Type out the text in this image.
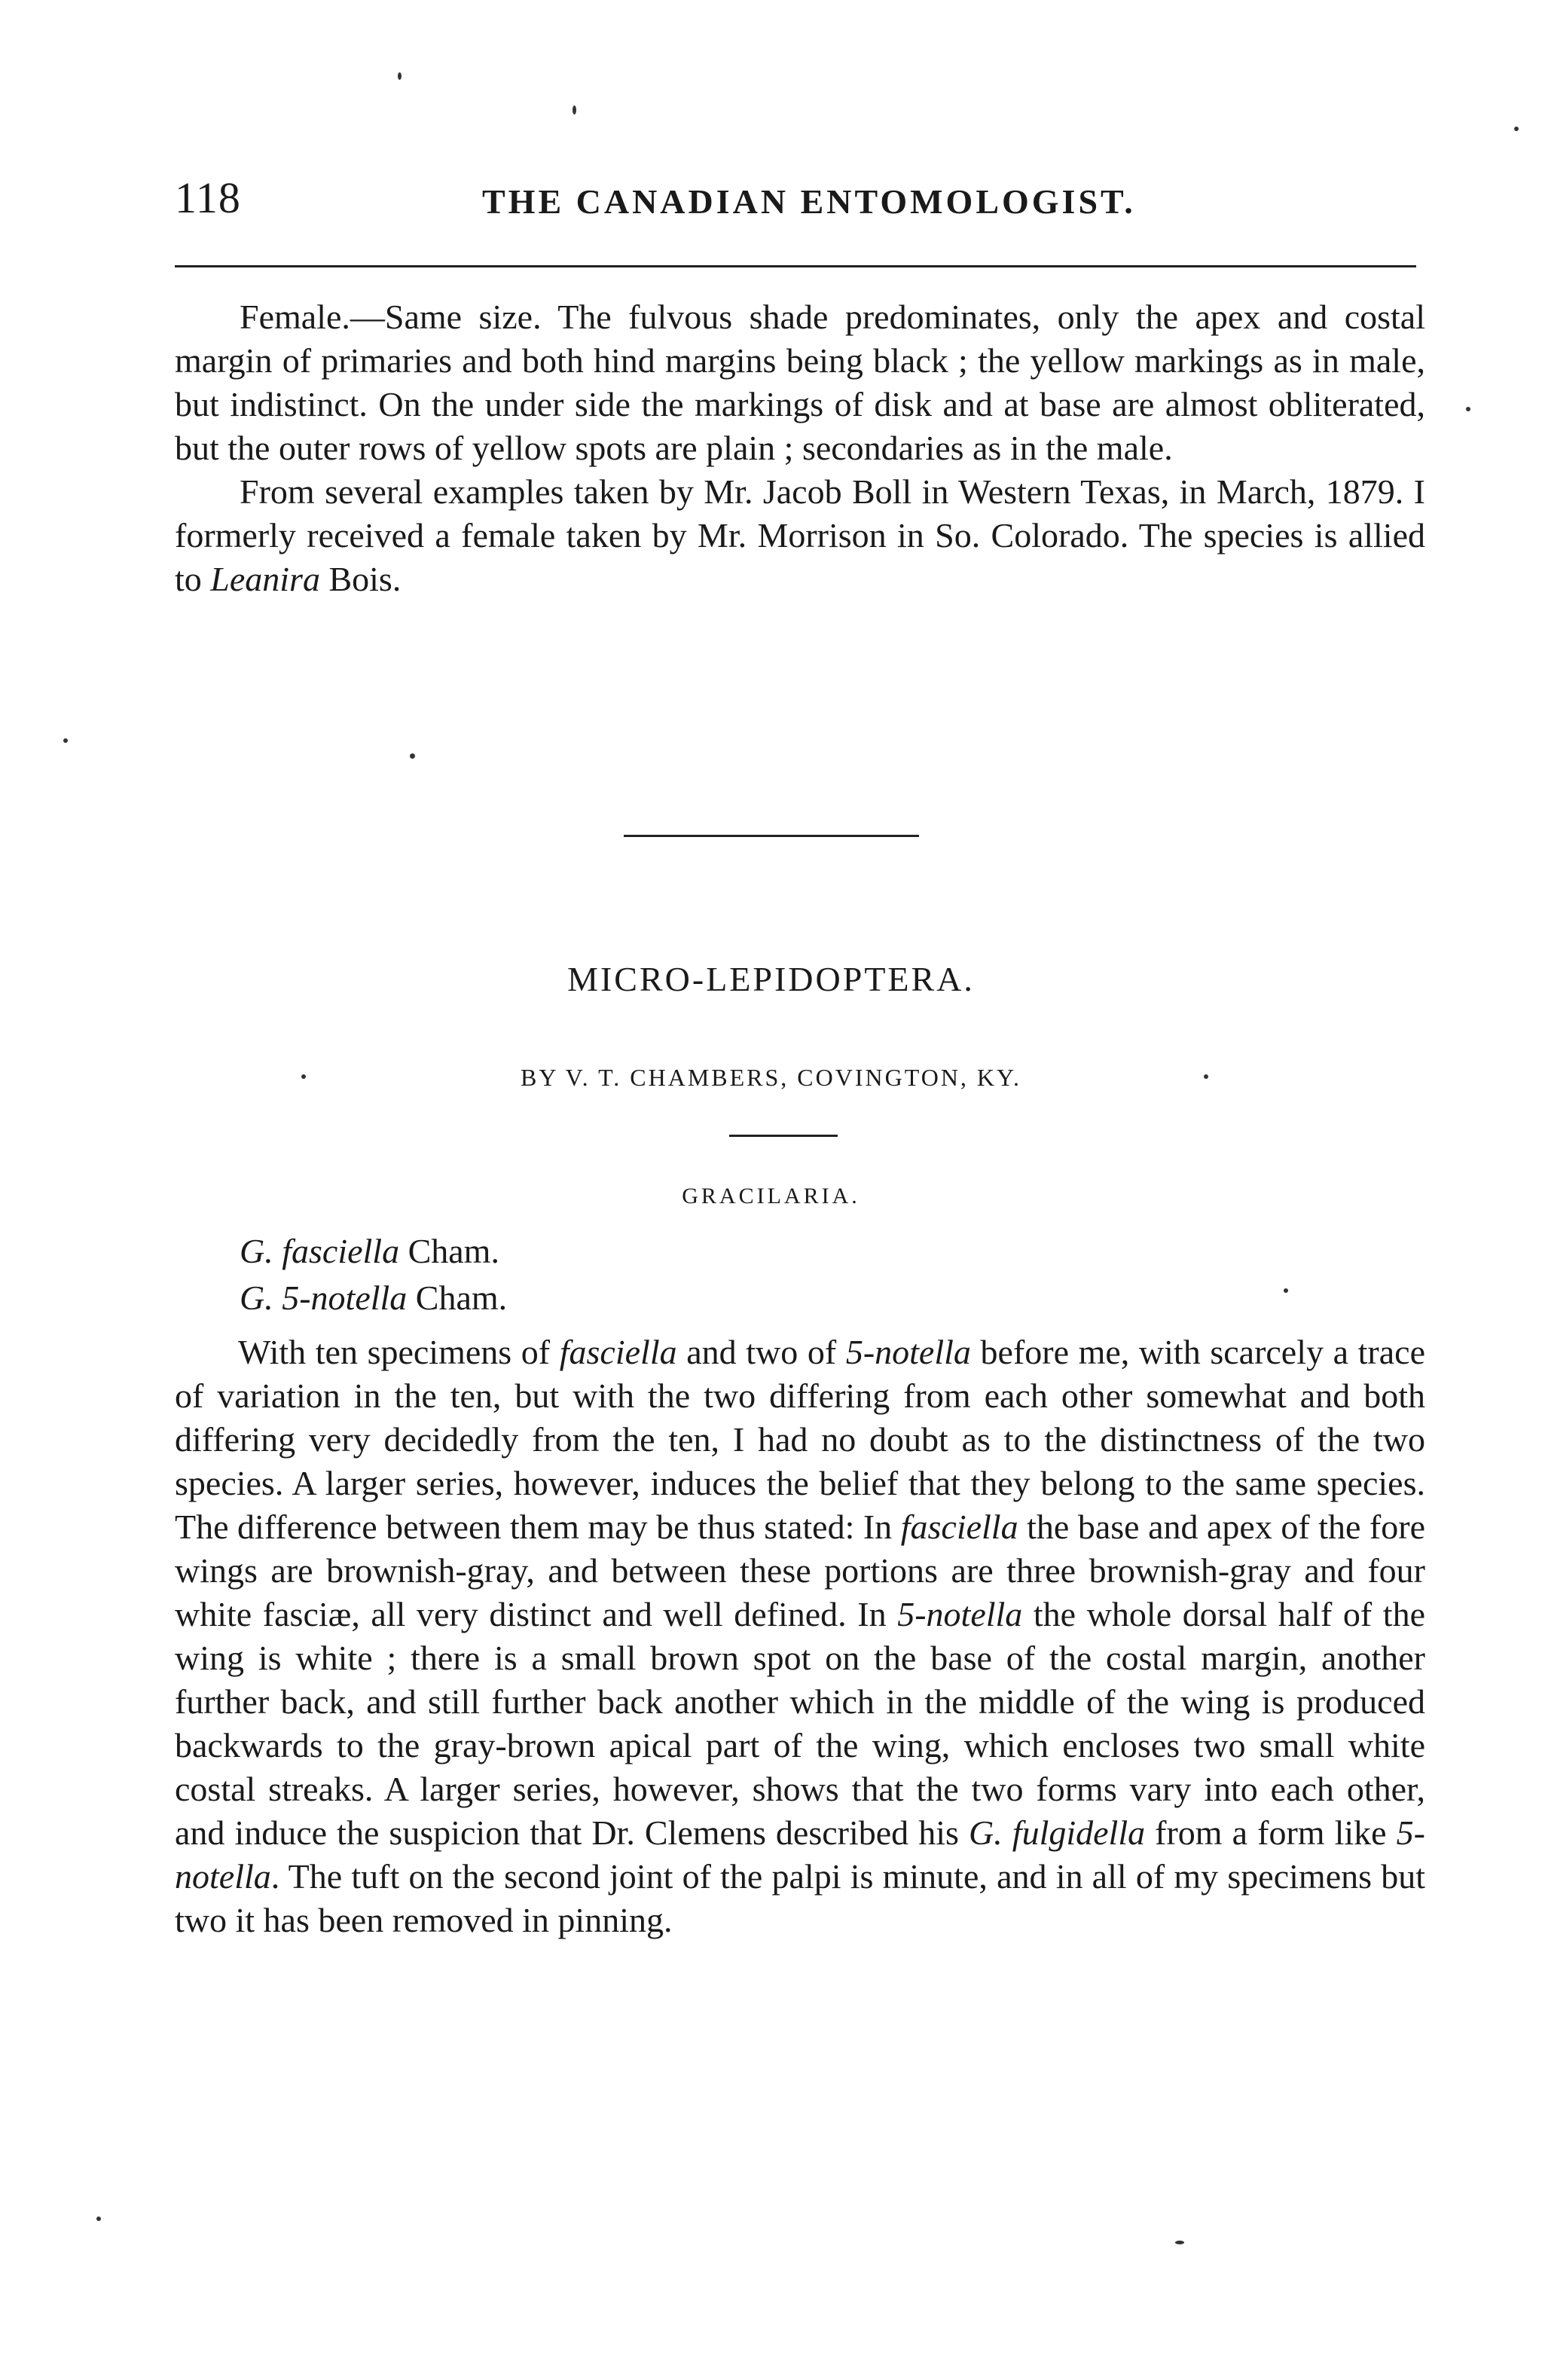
118	THE CANADIAN ENTOMOLOGIST.

Female.—Same size. The fulvous shade predominates, only the apex and costal margin of primaries and both hind margins being black ; the yellow markings as in male, but indistinct. On the under side the markings of disk and at base are almost obliterated, but the outer rows of yellow spots are plain ; secondaries as in the male.

From several examples taken by Mr. Jacob Boll in Western Texas, in March, 1879. I formerly received a female taken by Mr. Morrison in So. Colorado. The species is allied to Leanira Bois.

MICRO-LEPIDOPTERA.
BY V. T. CHAMBERS, COVINGTON, KY.
GRACILARIA.
G. fasciella Cham.
G. 5-notella Cham.

With ten specimens of fasciella and two of 5-notella before me, with scarcely a trace of variation in the ten, but with the two differing from each other somewhat and both differing very decidedly from the ten, I had no doubt as to the distinctness of the two species. A larger series, however, induces the belief that they belong to the same species. The difference between them may be thus stated: In fasciella the base and apex of the fore wings are brownish-gray, and between these portions are three brownish-gray and four white fasciæ, all very distinct and well defined. In 5-notella the whole dorsal half of the wing is white ; there is a small brown spot on the base of the costal margin, another further back, and still further back another which in the middle of the wing is produced backwards to the gray-brown apical part of the wing, which encloses two small white costal streaks. A larger series, however, shows that the two forms vary into each other, and induce the suspicion that Dr. Clemens described his G. fulgidella from a form like 5-notella. The tuft on the second joint of the palpi is minute, and in all of my specimens but two it has been removed in pinning.
